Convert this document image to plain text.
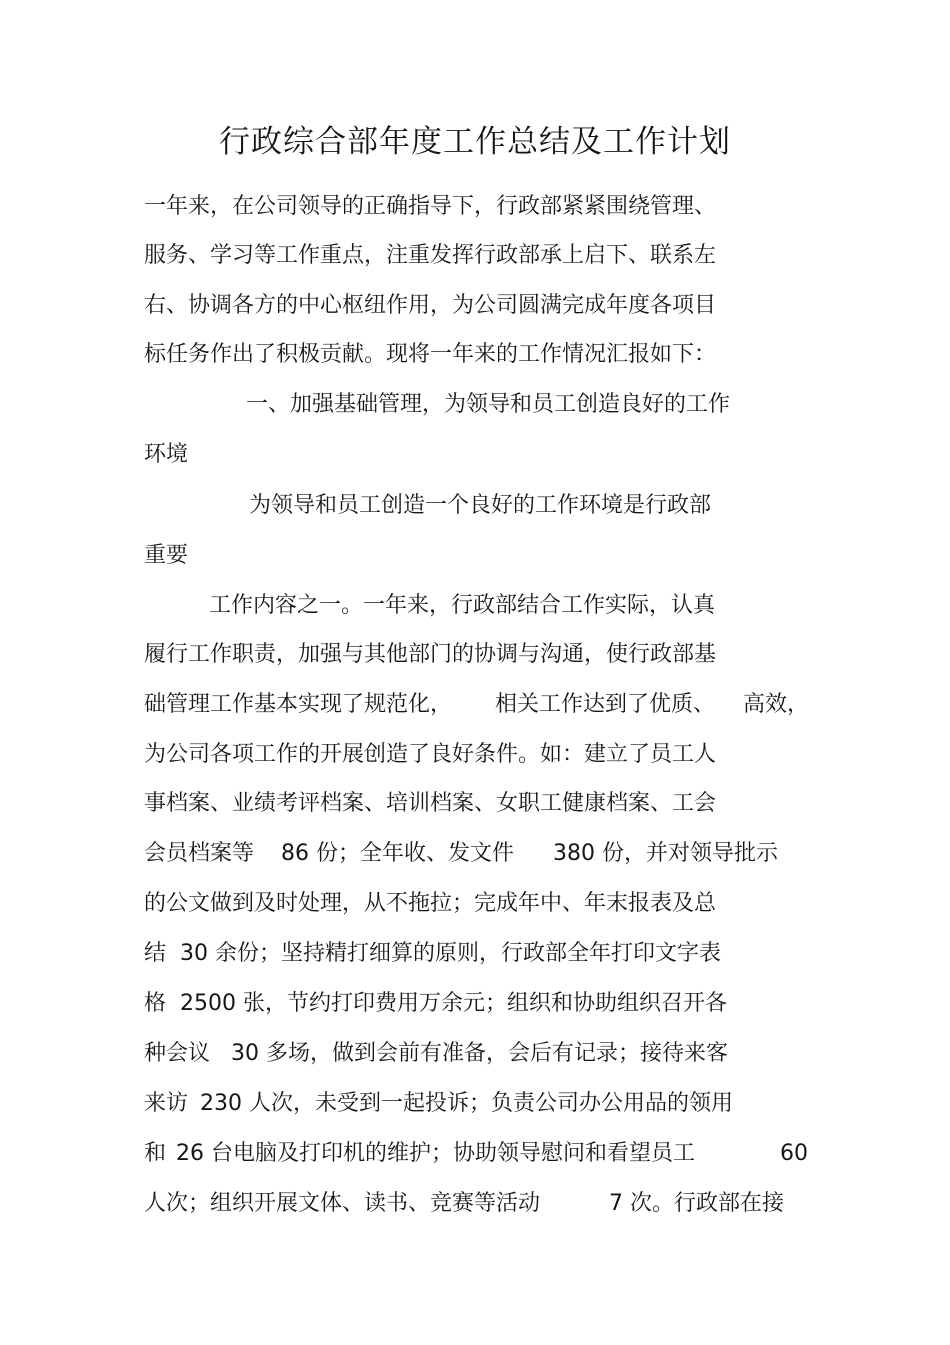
行政综合部年度工作总结及工作计划
一年来，在公司领导的正确指导下，行政部紧紧围绕管理、
服务、学习等工作重点，注重发挥行政部承上启下、联系左
右、协调各方的中心枢纽作用，为公司圆满完成年度各项目
标任务作出了积极贡献。现将一年来的工作情况汇报如下：
一、加强基础管理，为领导和员工创造良好的工作
环境
为领导和员工创造一个良好的工作环境是行政部
重要
工作内容之一。一年来，行政部结合工作实际，认真
履行工作职责，加强与其他部门的协调与沟通，使行政部基

础管理工作基本实现了规范化，

相关工作达到了优质、

高效，

为公司各项工作的开展创造了良好条件。如：建立了员工人
事档案、业绩考评档案、培训档案、女职工健康档案、工会

会员档案等

86 份；全年收、发文件

380 份，并对领导批示

的公文做到及时处理，从不拖拉；完成年中、年末报表及总

结

30 余份；坚持精打细算的原则，行政部全年打印文字表

格

2500 张，节约打印费用万余元；组织和协助组织召开各

种会议

30 多场，做到会前有准备，会后有记录；接待来客

来访

230 人次，未受到一起投诉；负责公司办公用品的领用

和

26 台电脑及打印机的维护；协助领导慰问和看望员工

	60

人次；组织开展文体、读书、竞赛等活动

	7 次。行政部在接
